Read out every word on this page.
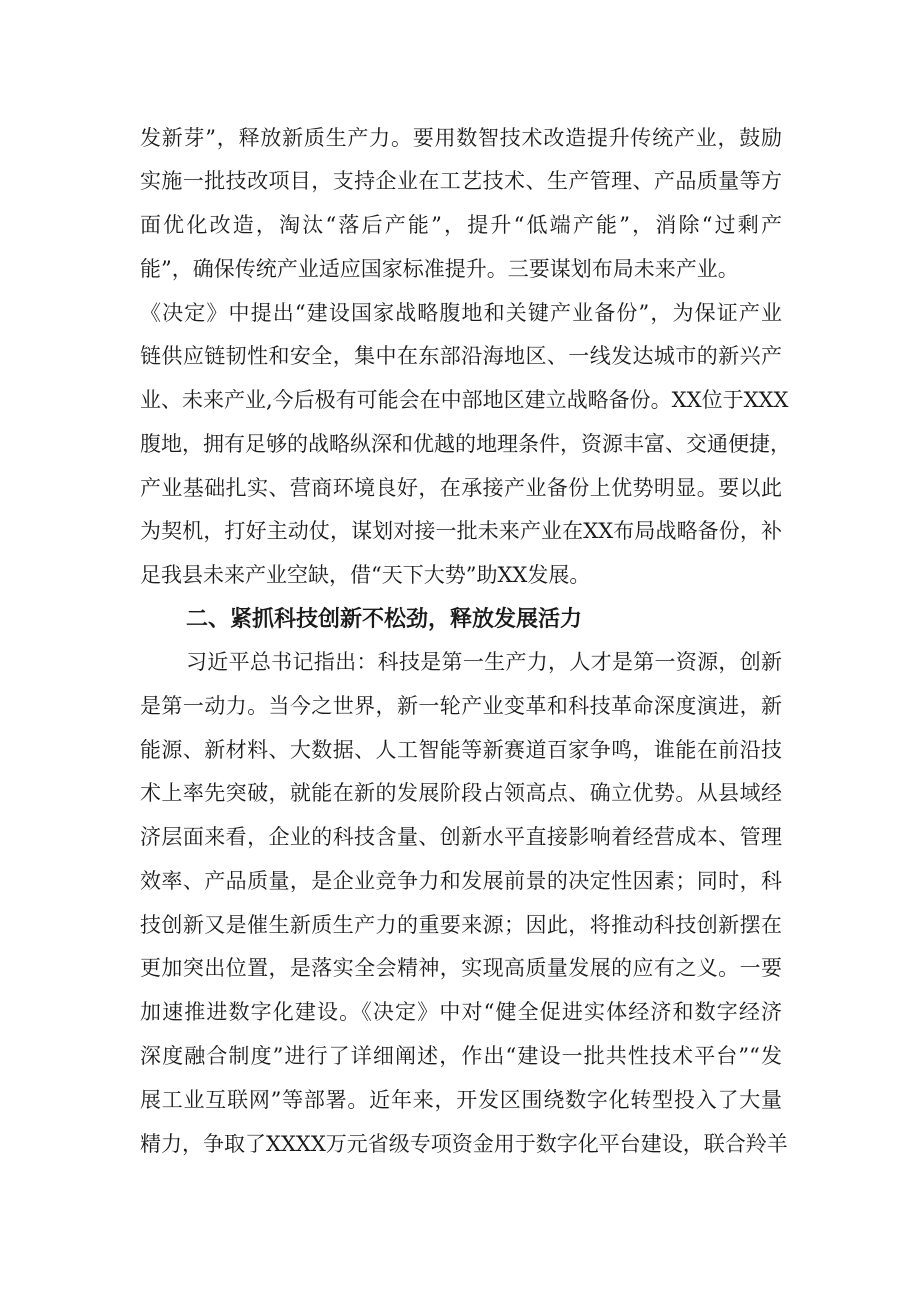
发新芽”，释放新质生产力。要用数智技术改造提升传统产业，鼓励
实施一批技改项目，支持企业在工艺技术、生产管理、产品质量等方
面优化改造，淘汰“落后产能”，提升“低端产能”，消除“过剩产
能”，确保传统产业适应国家标准提升。三要谋划布局未来产业。
《决定》中提出“建设国家战略腹地和关键产业备份”，为保证产业
链供应链韧性和安全，集中在东部沿海地区、一线发达城市的新兴产
业、未来产业,今后极有可能会在中部地区建立战略备份。XX位于XXX
腹地，拥有足够的战略纵深和优越的地理条件，资源丰富、交通便捷，
产业基础扎实、营商环境良好，在承接产业备份上优势明显。要以此
为契机，打好主动仗，谋划对接一批未来产业在XX布局战略备份，补
足我县未来产业空缺，借“天下大势”助XX发展。
二、紧抓科技创新不松劲，释放发展活力
习近平总书记指出：科技是第一生产力，人才是第一资源，创新
是第一动力。当今之世界，新一轮产业变革和科技革命深度演进，新
能源、新材料、大数据、人工智能等新赛道百家争鸣，谁能在前沿技
术上率先突破，就能在新的发展阶段占领高点、确立优势。从县域经
济层面来看，企业的科技含量、创新水平直接影响着经营成本、管理
效率、产品质量，是企业竞争力和发展前景的决定性因素；同时，科
技创新又是催生新质生产力的重要来源；因此，将推动科技创新摆在
更加突出位置，是落实全会精神，实现高质量发展的应有之义。一要
加速推进数字化建设。《决定》中对“健全促进实体经济和数字经济
深度融合制度”进行了详细阐述，作出“建设一批共性技术平台”“发
展工业互联网”等部署。近年来，开发区围绕数字化转型投入了大量
精力，争取了XXXX万元省级专项资金用于数字化平台建设，联合羚羊
